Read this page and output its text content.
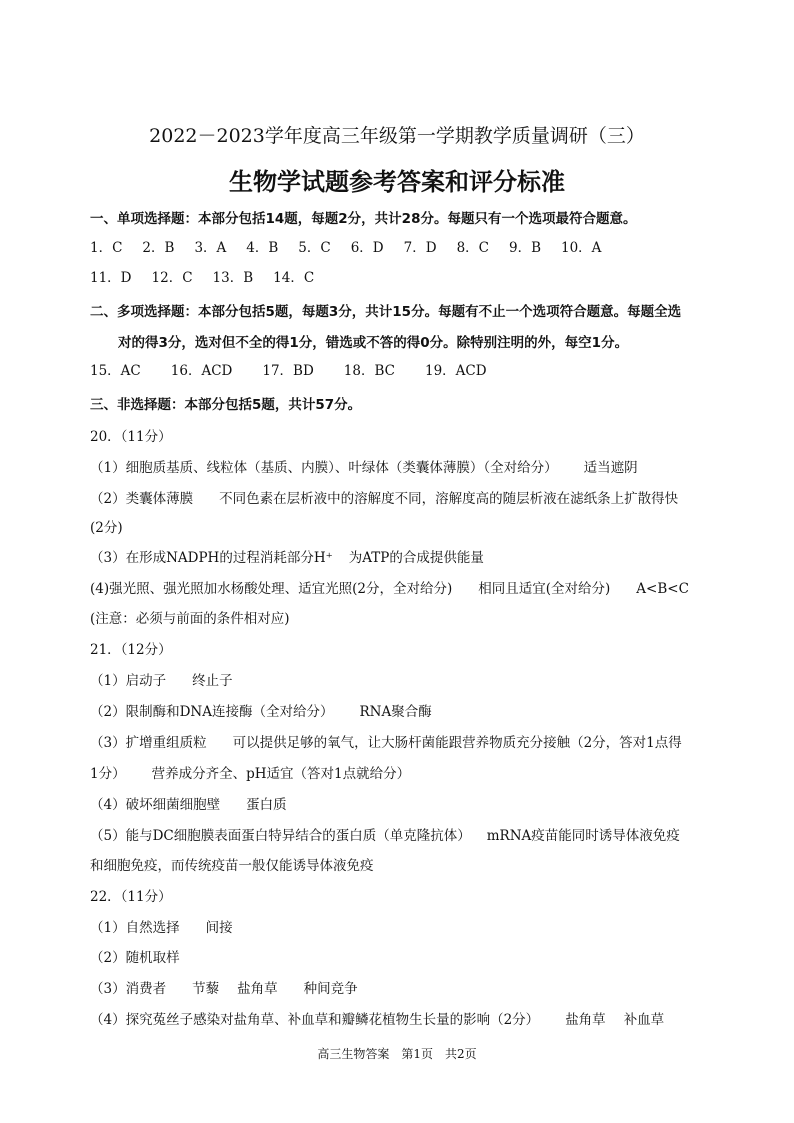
2022－2023学年度高三年级第一学期教学质量调研（三）
生物学试题参考答案和评分标准
一、单项选择题：本部分包括14题，每题2分，共计28分。每题只有一个选项最符合题意。
1．C 2．B 3．A 4．B 5．C 6．D 7．D 8．C 9．B 10．A
11．D 12．C 13．B 14．C
二、多项选择题：本部分包括5题，每题3分，共计15分。每题有不止一个选项符合题意。每题全选
对的得3分，选对但不全的得1分，错选或不答的得0分。除特别注明的外，每空1分。
15．AC 16．ACD 17．BD 18．BC 19．ACD
三、非选择题：本部分包括5题，共计57分。
20．（11分）
（1）细胞质基质、线粒体（基质、内膜）、叶绿体（类囊体薄膜）（全对给分） 适当遮阴
（2）类囊体薄膜 不同色素在层析液中的溶解度不同，溶解度高的随层析液在滤纸条上扩散得快
(2分)
（3）在形成NADPH的过程消耗部分H⁺ 为ATP的合成提供能量
(4)强光照、强光照加水杨酸处理、适宜光照(2分，全对给分) 相同且适宜(全对给分) A<B<C
(注意：必须与前面的条件相对应)
21．（12分）
（1）启动子 终止子
（2）限制酶和DNA连接酶（全对给分） RNA聚合酶
（3）扩增重组质粒 可以提供足够的氧气，让大肠杆菌能跟营养物质充分接触（2分，答对1点得
1分） 营养成分齐全、pH适宜（答对1点就给分）
（4）破坏细菌细胞壁 蛋白质
（5）能与DC细胞膜表面蛋白特异结合的蛋白质（单克隆抗体） mRNA疫苗能同时诱导体液免疫
和细胞免疫，而传统疫苗一般仅能诱导体液免疫
22．（11分）
（1）自然选择 间接
（2）随机取样
（3）消费者 节藜 盐角草 种间竞争
（4）探究菟丝子感染对盐角草、补血草和瓣鳞花植物生长量的影响（2分） 盐角草 补血草
高三生物答案　第1页　共2页
